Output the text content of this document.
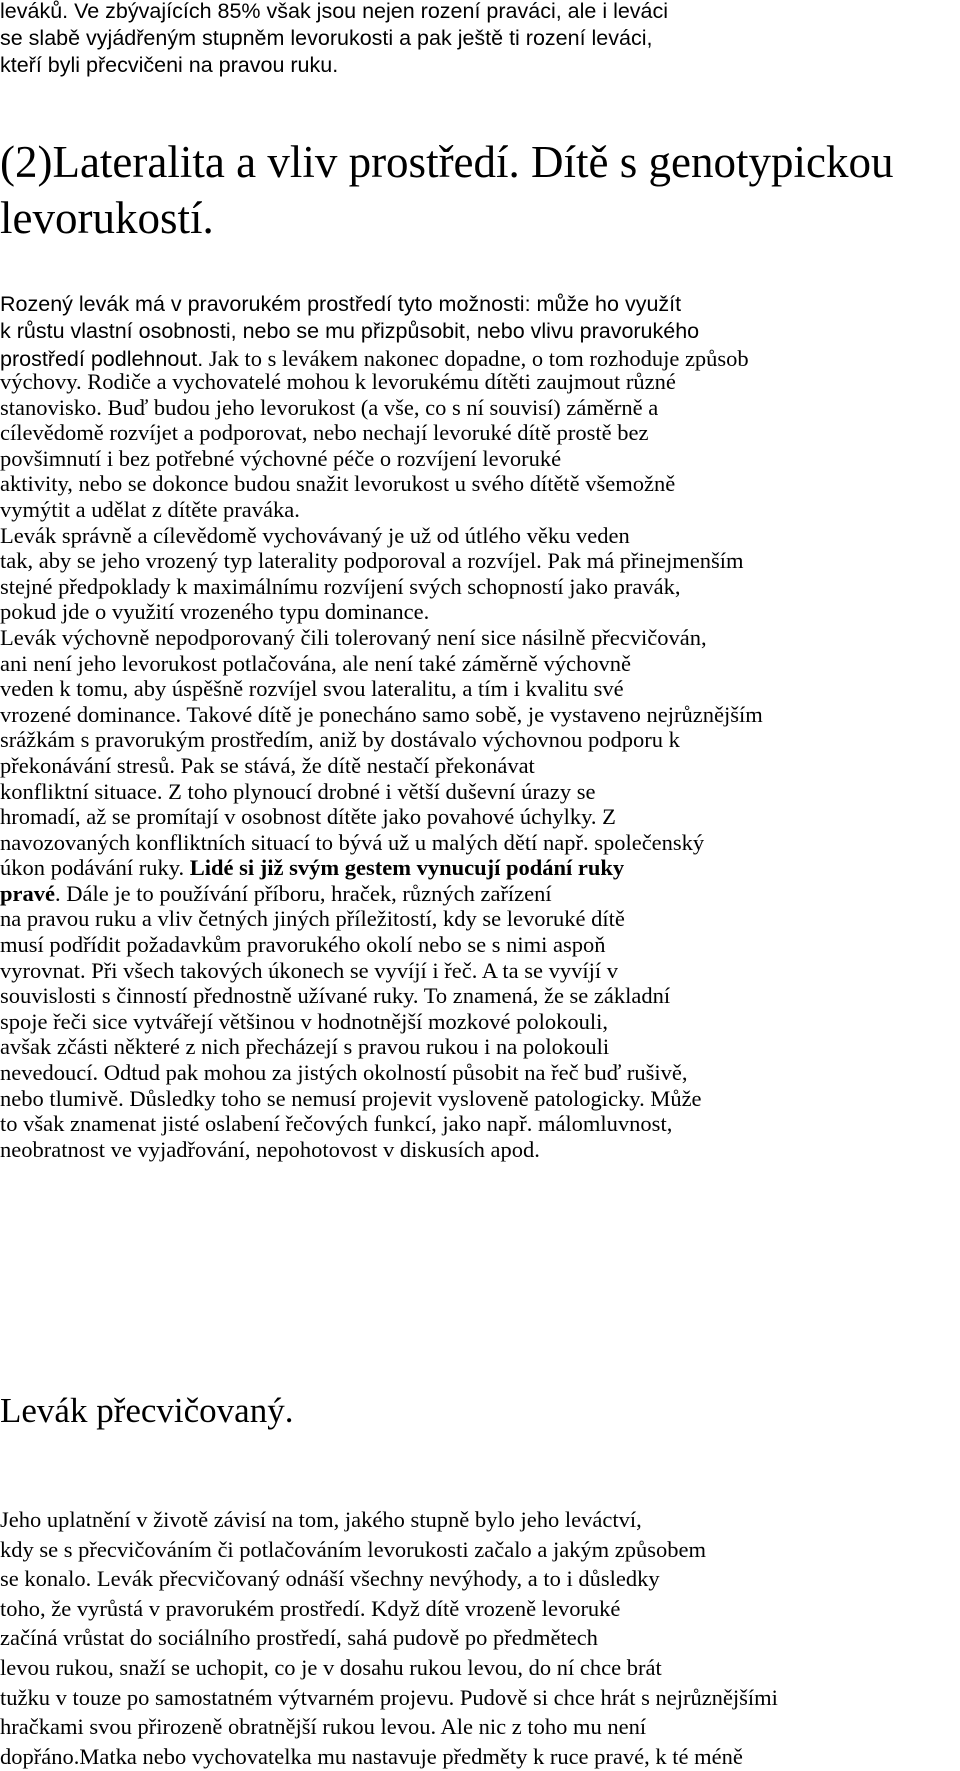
leváků. Ve zbývajících 85% však jsou nejen rození praváci, ale i leváci
se slabě vyjádřeným stupněm levorukosti a pak ještě ti rození leváci,
kteří byli přecvičeni na pravou ruku.
(2)Lateralita a vliv prostředí. Dítě s genotypickou
levorukostí.
Rozený levák má v pravorukém prostředí tyto možnosti: může ho využít
k růstu vlastní osobnosti, nebo se mu přizpůsobit, nebo vlivu pravorukého
prostředí podlehnout. Jak to s levákem nakonec dopadne, o tom rozhoduje způsob
výchovy. Rodiče a vychovatelé mohou k levorukému dítěti zaujmout různé
stanovisko. Buď budou jeho levorukost (a vše, co s ní souvisí) záměrně a
cílevědomě rozvíjet a podporovat, nebo nechají levoruké dítě prostě bez
povšimnutí i bez potřebné výchovné péče o rozvíjení levoruké
aktivity, nebo se dokonce budou snažit levorukost u svého dítětě všemožně
vymýtit a udělat z dítěte praváka.
Levák správně a cílevědomě vychovávaný je už od útlého věku veden
tak, aby se jeho vrozený typ laterality podporoval a rozvíjel. Pak má přinejmenším
stejné předpoklady k maximálnímu rozvíjení svých schopností jako pravák,
pokud jde o využití vrozeného typu dominance.
Levák výchovně nepodporovaný čili tolerovaný není sice násilně přecvičován,
ani není jeho levorukost potlačována, ale není také záměrně výchovně
veden k tomu, aby úspěšně rozvíjel svou lateralitu, a tím i kvalitu své
vrozené dominance. Takové dítě je ponecháno samo sobě, je vystaveno nejrůznějším
srážkám s pravorukým prostředím, aniž by dostávalo výchovnou podporu k
překonávání stresů. Pak se stává, že dítě nestačí překonávat
konfliktní situace. Z toho plynoucí drobné i větší duševní úrazy se
hromadí, až se promítají v osobnost dítěte jako povahové úchylky. Z
navozovaných konfliktních situací to bývá už u malých dětí např. společenský
úkon podávání ruky. Lidé si již svým gestem vynucují podání ruky
pravé. Dále je to používání příboru, hraček, různých zařízení
na pravou ruku a vliv četných jiných příležitostí, kdy se levoruké dítě
musí podřídit požadavkům pravorukého okolí nebo se s nimi aspoň
vyrovnat. Při všech takových úkonech se vyvíjí i řeč. A ta se vyvíjí v
souvislosti s činností přednostně užívané ruky. To znamená, že se základní
spoje řeči sice vytvářejí většinou v hodnotnější mozkové polokouli,
avšak zčásti některé z nich přecházejí s pravou rukou i na polokouli
nevedoucí. Odtud pak mohou za jistých okolností působit na řeč buď rušivě,
nebo tlumivě. Důsledky toho se nemusí projevit vysloveně patologicky. Může
to však znamenat jisté oslabení řečových funkcí, jako např. málomluvnost,
neobratnost ve vyjadřování, nepohotovost v diskusích apod.
Levák přecvičovaný.
Jeho uplatnění v životě závisí na tom, jakého stupně bylo jeho leváctví,
kdy se s přecvičováním či potlačováním levorukosti začalo a jakým způsobem
se konalo. Levák přecvičovaný odnáší všechny nevýhody, a to i důsledky
toho, že vyrůstá v pravorukém prostředí. Když dítě vrozeně levoruké
začíná vrůstat do sociálního prostředí, sahá pudově po předmětech
levou rukou, snaží se uchopit, co je v dosahu rukou levou, do ní chce brát
tužku v touze po samostatném výtvarném projevu. Pudově si chce hrát s nejrůznějšími
hračkami svou přirozeně obratnější rukou levou. Ale nic z toho mu není
dopřáno.Matka nebo vychovatelka mu nastavuje předměty k ruce pravé, k té méně
